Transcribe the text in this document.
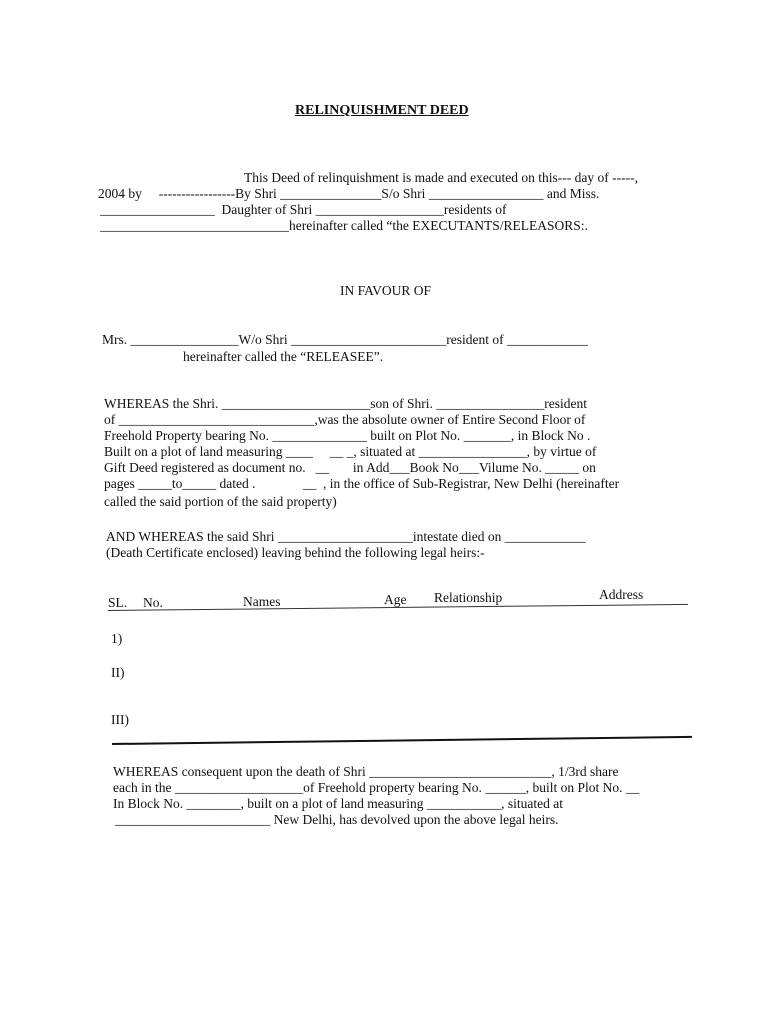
RELINQUISHMENT DEED
This Deed of relinquishment is made and executed on this--- day of -----,
2004 by     -----------------By Shri _______________S/o Shri _________________ and Miss.
_________________  Daughter of Shri ___________________residents of
____________________________hereinafter called “the EXECUTANTS/RELEASORS:.
IN FAVOUR OF
Mrs. ________________W/o Shri _______________________resident of ____________
hereinafter called the “RELEASEE”.
WHEREAS the Shri. ______________________son of Shri. ________________resident
of _____________________________,was the absolute owner of Entire Second Floor of
Freehold Property bearing No. ______________ built on Plot No. _______, in Block No .
Built on a plot of land measuring ____     __ _, situated at ________________, by virtue of
Gift Deed registered as document no.   __       in Add___Book No___Vilume No. _____ on
pages _____to_____ dated .              __  , in the office of Sub-Registrar, New Delhi (hereinafter
called the said portion of the said property)
AND WHEREAS the said Shri ____________________intestate died on ____________
(Death Certificate enclosed) leaving behind the following legal heirs:-
SL. No.	Names	Age Relationship	Address
1)
II)
III)
WHEREAS consequent upon the death of Shri ___________________________, 1/3rd share
each in the ___________________of Freehold property bearing No. ______, built on Plot No. __
In Block No. ________, built on a plot of land measuring ___________, situated at
_______________________ New Delhi, has devolved upon the above legal heirs.
